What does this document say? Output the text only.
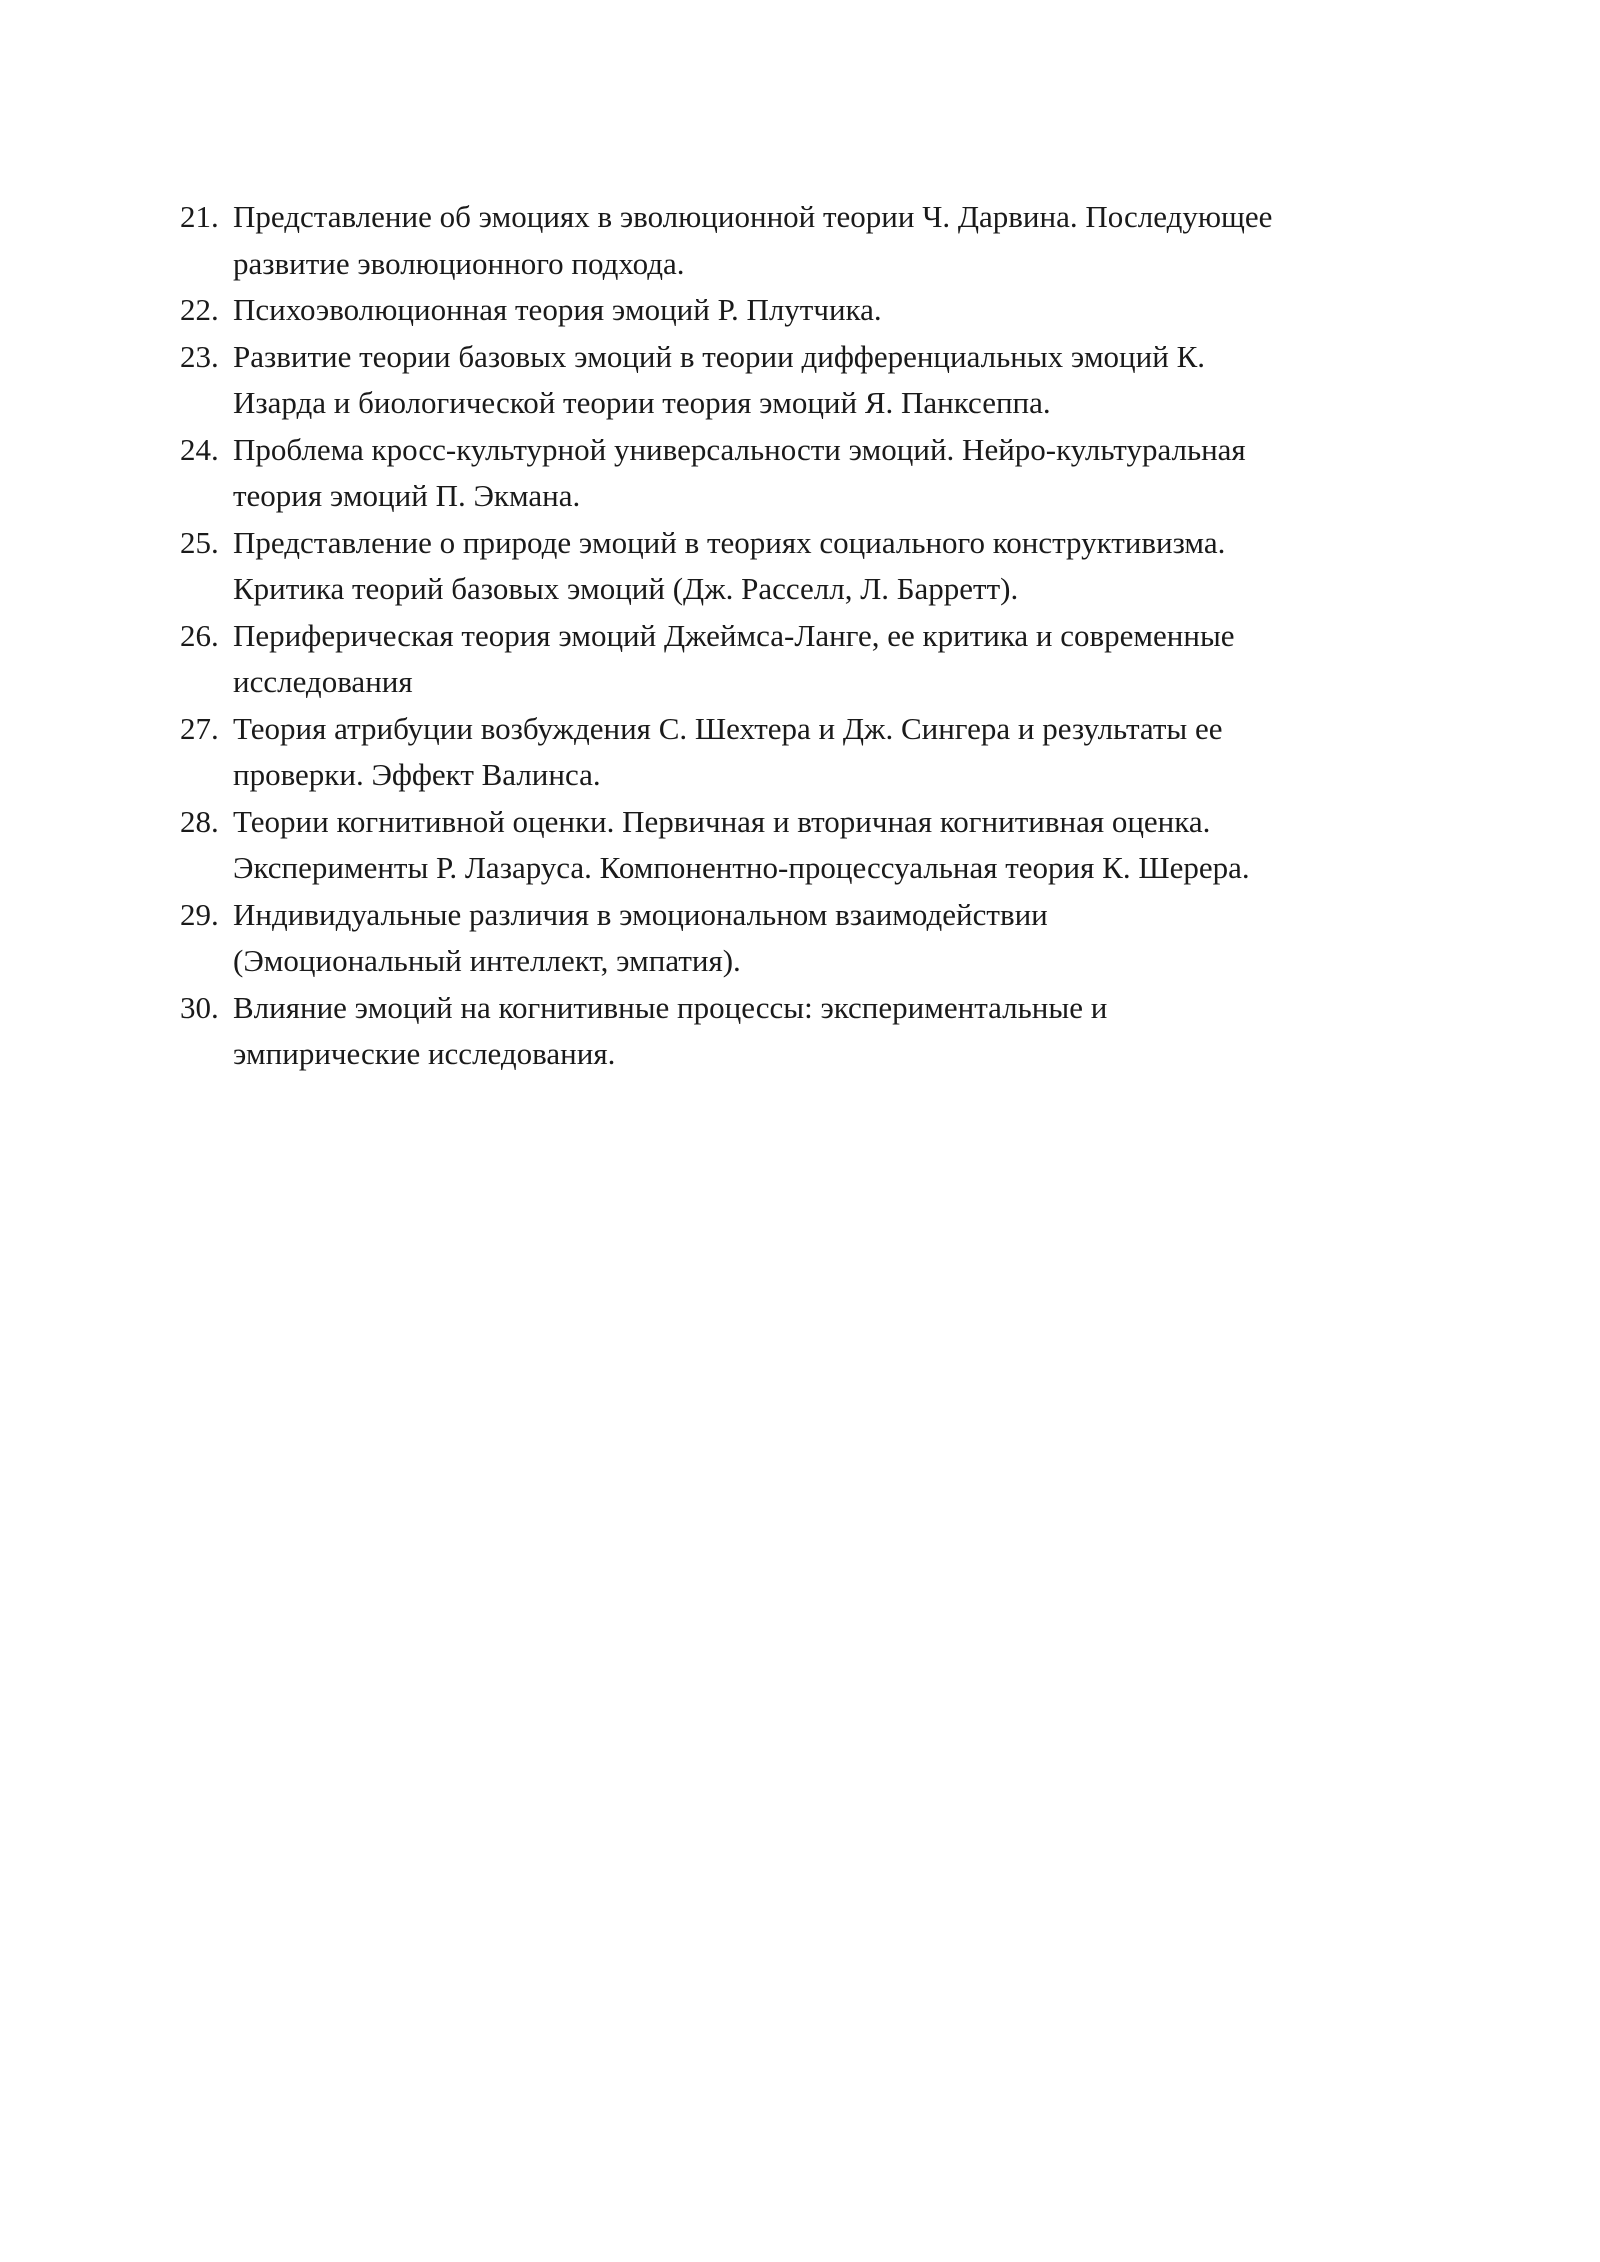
21. Представление об эмоциях в эволюционной теории Ч. Дарвина. Последующее
развитие эволюционного подхода.
22. Психоэволюционная теория эмоций Р. Плутчика.
23. Развитие теории базовых эмоций в теории дифференциальных эмоций К.
Изарда и биологической теории теория эмоций Я. Панксеппа.
24. Проблема кросс-культурной универсальности эмоций. Нейро-культуральная
теория эмоций П. Экмана.
25. Представление о природе эмоций в теориях социального конструктивизма.
Критика теорий базовых эмоций (Дж. Расселл, Л. Барретт).
26. Периферическая теория эмоций Джеймса-Ланге, ее критика и современные
исследования
27. Теория атрибуции возбуждения С. Шехтера и Дж. Сингера и результаты ее
проверки. Эффект Валинса.
28. Теории когнитивной оценки. Первичная и вторичная когнитивная оценка.
Эксперименты Р. Лазаруса. Компонентно-процессуальная теория К. Шерера.
29. Индивидуальные различия в эмоциональном взаимодействии
(Эмоциональный интеллект, эмпатия).
30. Влияние эмоций на когнитивные процессы: экспериментальные и
эмпирические исследования.
